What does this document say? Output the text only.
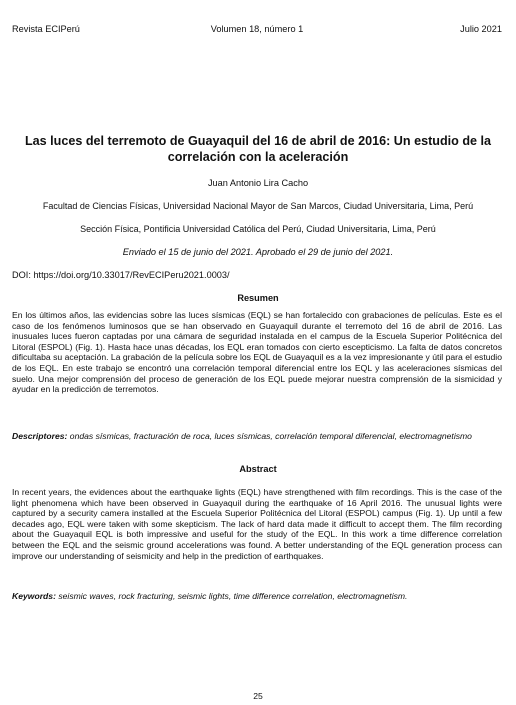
Revista ECIPerú	Volumen 18, número 1	Julio 2021
Las luces del terremoto de Guayaquil del 16 de abril de 2016: Un estudio de la correlación con la aceleración
Juan Antonio Lira Cacho
Facultad de Ciencias Físicas, Universidad Nacional Mayor de San Marcos, Ciudad Universitaria, Lima, Perú
Sección Física, Pontificia Universidad Católica del Perú, Ciudad Universitaria, Lima, Perú
Enviado el 15 de junio del 2021. Aprobado el 29 de junio del 2021.
DOI: https://doi.org/10.33017/RevECIPeru2021.0003/
Resumen
En los últimos años, las evidencias sobre las luces sísmicas (EQL) se han fortalecido con grabaciones de películas. Este es el caso de los fenómenos luminosos que se han observado en Guayaquil durante el terremoto del 16 de abril de 2016. Las inusuales luces fueron captadas por una cámara de seguridad instalada en el campus de la Escuela Superior Politécnica del Litoral (ESPOL) (Fig. 1). Hasta hace unas décadas, los EQL eran tomados con cierto escepticismo. La falta de datos concretos dificultaba su aceptación. La grabación de la película sobre los EQL de Guayaquil es a la vez impresionante y útil para el estudio de los EQL. En este trabajo se encontró una correlación temporal diferencial entre los EQL y las aceleraciones sísmicas del suelo. Una mejor comprensión del proceso de generación de los EQL puede mejorar nuestra comprensión de la sismicidad y ayudar en la predicción de terremotos.
Descriptores: ondas sísmicas, fracturación de roca, luces sísmicas, correlación temporal diferencial, electromagnetismo
Abstract
In recent years, the evidences about the earthquake lights (EQL) have strengthened with film recordings. This is the case of the light phenomena which have been observed in Guayaquil during the earthquake of 16 April 2016. The unusual lights were captured by a security camera installed at the Escuela Superior Politécnica del Litoral (ESPOL) campus (Fig. 1). Up until a few decades ago, EQL were taken with some skepticism. The lack of hard data made it difficult to accept them. The film recording about the Guayaquil EQL is both impressive and useful for the study of the EQL. In this work a time difference correlation between the EQL and the seismic ground accelerations was found. A better understanding of the EQL generation process can improve our understanding of seismicity and help in the prediction of earthquakes.
Keywords: seismic waves, rock fracturing, seismic lights, time difference correlation, electromagnetism.
25
